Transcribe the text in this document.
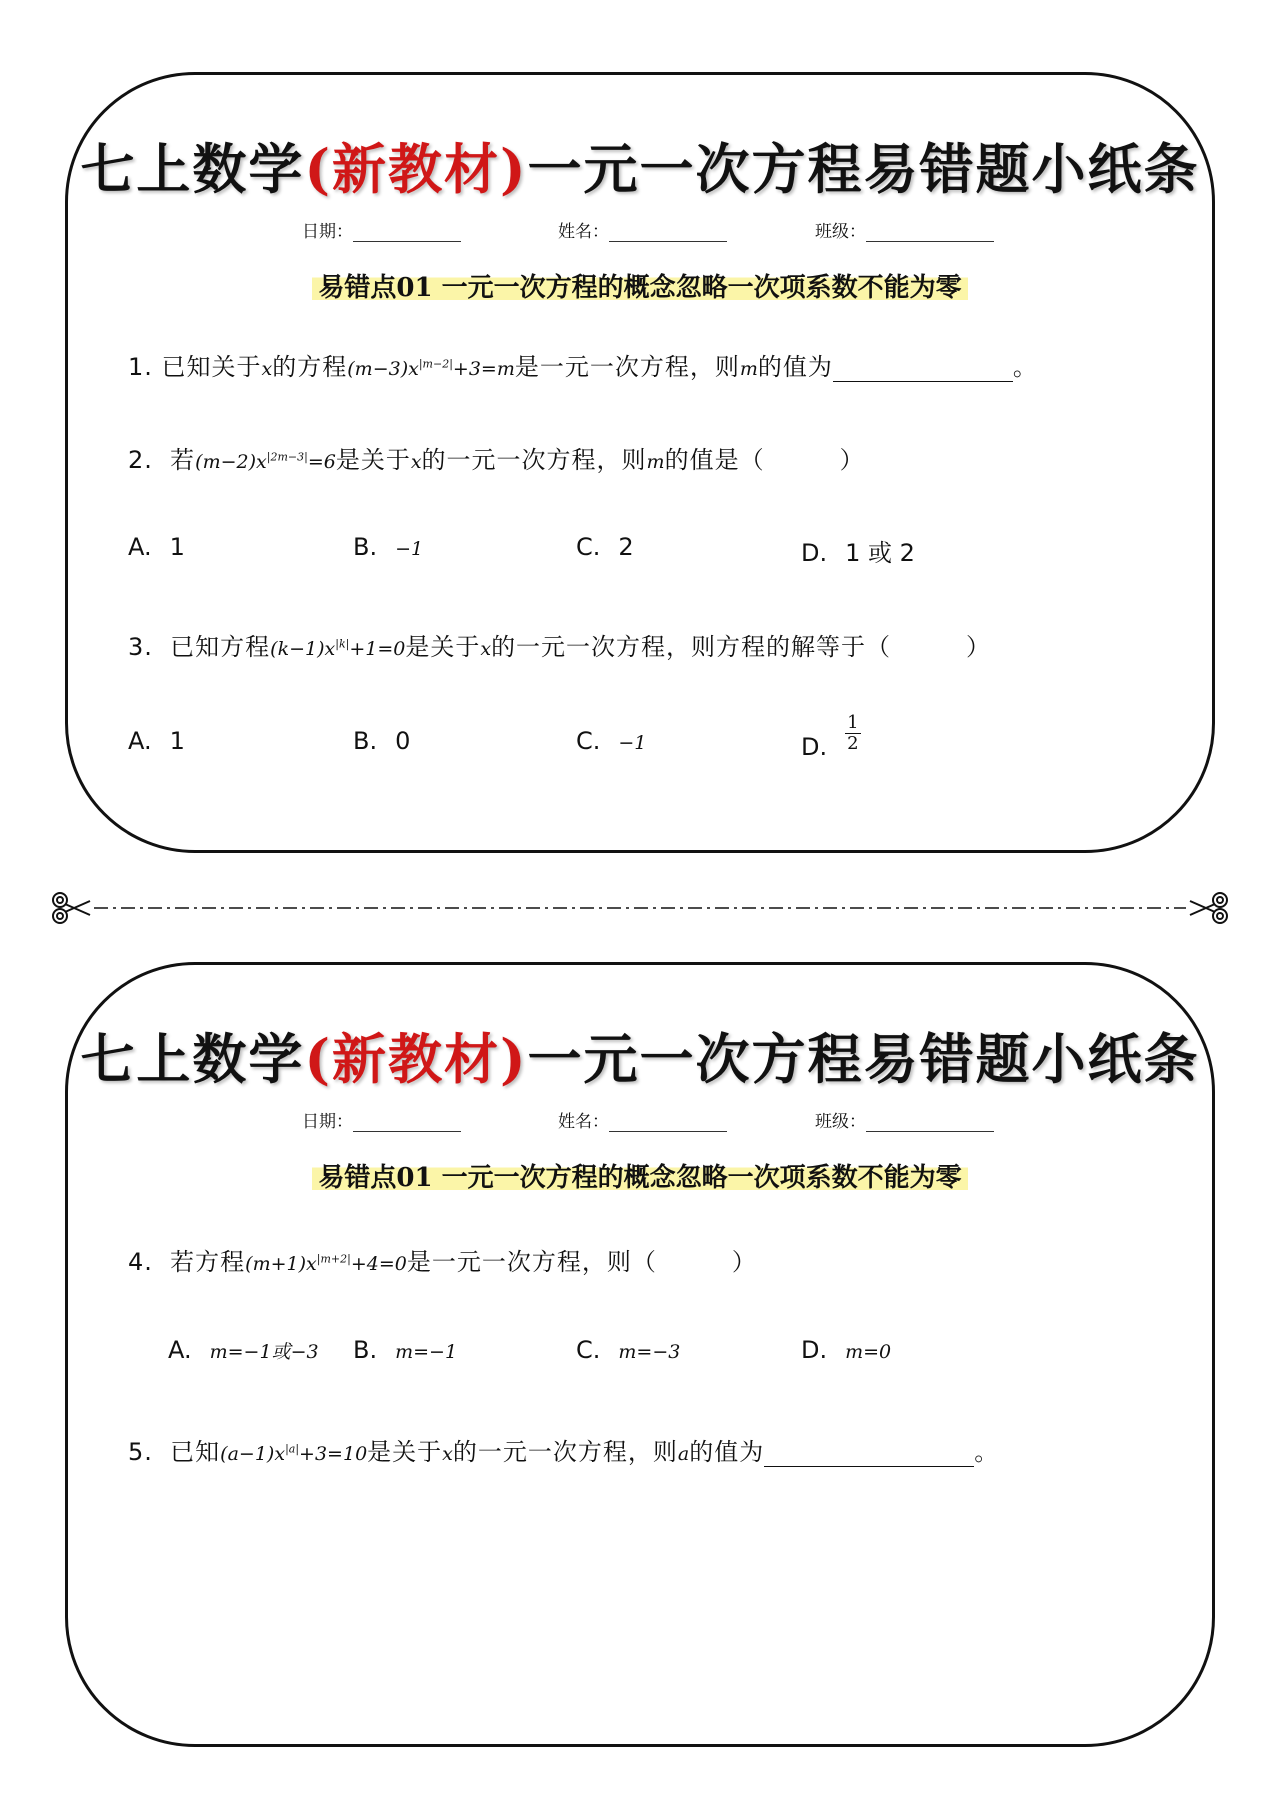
七上数学(新教材)一元一次方程易错题小纸条
日期：	姓名：	班级：
易错点01 一元一次方程的概念忽略一次项系数不能为零
1. 已知关于x的方程$(m-3)x^{|m-2|}+3=m$是一元一次方程，则m的值为	。
2. 若$(m-2)x^{|2m-3|}=6$是关于x的一元一次方程，则m的值是（　　　）
A. 1	B. −1	C. 2	D. 1 或 2
3. 已知方程$(k-1)x^{|k|}+1=0$是关于x的一元一次方程，则方程的解等于（　　　）
A. 1	B. 0	C. −1	D. $\frac{1}{2}$
七上数学(新教材)一元一次方程易错题小纸条
日期：	姓名：	班级：
易错点01 一元一次方程的概念忽略一次项系数不能为零
4. 若方程$(m+1)x^{|m+2|}+4=0$是一元一次方程，则（　　　）
A. m=−1或−3 B. m=−1	C. m=−3	D. m=0
5. 已知$(a-1)x^{|a|}+3=10$是关于x的一元一次方程，则a的值为	。
